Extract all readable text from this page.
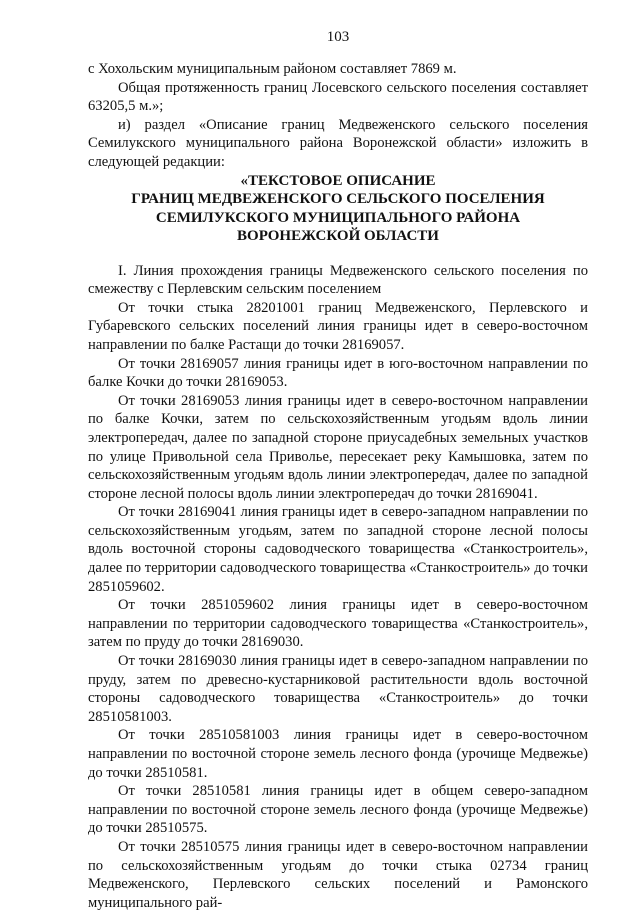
103

с Хохольским муниципальным районом составляет 7869 м.

Общая протяженность границ Лосевского сельского поселения составляет 63205,5 м.»;

и) раздел «Описание границ Медвеженского сельского поселения Семилукского муниципального района Воронежской области» изложить в следующей редакции:

«ТЕКСТОВОЕ ОПИСАНИЕ

ГРАНИЦ МЕДВЕЖЕНСКОГО СЕЛЬСКОГО ПОСЕЛЕНИЯ

СЕМИЛУКСКОГО МУНИЦИПАЛЬНОГО РАЙОНА

ВОРОНЕЖСКОЙ ОБЛАСТИ

I. Линия прохождения границы Медвеженского сельского поселения по смежеству с Перлевским сельским поселением

От точки стыка 28201001 границ Медвеженского, Перлевского и Губаревского сельских поселений линия границы идет в северо-восточном направлении по балке Растащи до точки 28169057.

От точки 28169057 линия границы идет в юго-восточном направлении по балке Кочки до точки 28169053.

От точки 28169053 линия границы идет в северо-восточном направлении по балке Кочки, затем по сельскохозяйственным угодьям вдоль линии электропередач, далее по западной стороне приусадебных земельных участков по улице Привольной села Приволье, пересекает реку Камышовка, затем по сельскохозяйственным угодьям вдоль линии электропередач, далее по западной стороне лесной полосы вдоль линии электропередач до точки 28169041.

От точки 28169041 линия границы идет в северо-западном направлении по сельскохозяйственным угодьям, затем по западной стороне лесной полосы вдоль восточной стороны садоводческого товарищества «Станкостроитель», далее по территории садоводческого товарищества «Станкостроитель» до точки 2851059602.

От точки 2851059602 линия границы идет в северо-восточном направлении по территории садоводческого товарищества «Станкостроитель», затем по пруду до точки 28169030.

От точки 28169030 линия границы идет в северо-западном направлении по пруду, затем по древесно-кустарниковой растительности вдоль восточной стороны садоводческого товарищества «Станкостроитель» до точки 28510581003.

От точки 28510581003 линия границы идет в северо-восточном направлении по восточной стороне земель лесного фонда (урочище Медвежье) до точки 28510581.

От точки 28510581 линия границы идет в общем северо-западном направлении по восточной стороне земель лесного фонда (урочище Медвежье) до точки 28510575.

От точки 28510575 линия границы идет в северо-восточном направлении по сельскохозяйственным угодьям до точки стыка 02734 границ Медвеженского, Перлевского сельских поселений и Рамонского муниципального рай-
